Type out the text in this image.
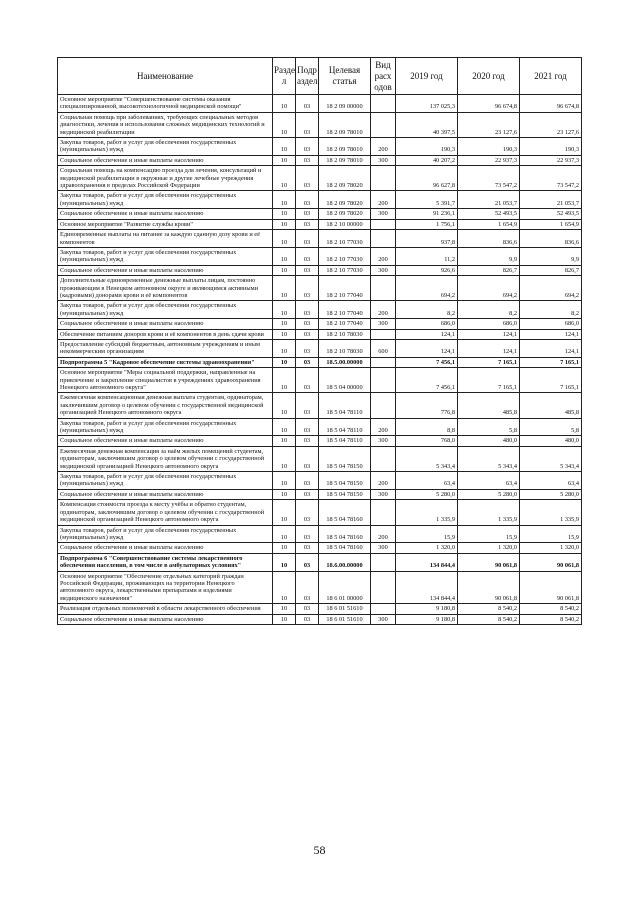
Наименование	Разде л	Подр аздел	Целевая статья	Вид расх одов	2019 год	2020 год	2021 год
Основное мероприятие "Совершенствование системы оказания специализированной, высокотехнологичной медицинской помощи"	10	03	18 2 09 00000		137 025,3	96 674,8	96 674,8
Социальная помощь при заболеваниях, требующих специальных методов диагностики, лечения и использования сложных медицинских технологий и медицинской реабилитации	10	03	18 2 09 78010		40 397,5	23 127,6	23 127,6
Закупка товаров, работ и услуг для обеспечения государственных (муниципальных) нужд	10	03	18 2 09 78010	200	190,3	190,3	190,3
Социальное обеспечение и иные выплаты населению	10	03	18 2 09 78010	300	40 207,2	22 937,3	22 937,3
Социальная помощь на компенсацию проезда для лечения, консультаций и медицинской реабилитации в окружные и другие лечебные учреждения здравоохранения в пределах Российской Федерации	10	03	18 2 09 78020		96 627,8	73 547,2	73 547,2
Закупка товаров, работ и услуг для обеспечения государственных (муниципальных) нужд	10	03	18 2 09 78020	200	5 391,7	21 053,7	21 053,7
Социальное обеспечение и иные выплаты населению	10	03	18 2 09 78020	300	91 236,1	52 493,5	52 493,5
Основное мероприятие "Развитие службы крови"	10	03	18 2 10 00000		1 756,1	1 654,9	1 654,9
Единовременные выплаты на питание за каждую сданную дозу крови и её компонентов	10	03	18 2 10 77030		937,8	836,6	836,6
Закупка товаров, работ и услуг для обеспечения государственных (муниципальных) нужд	10	03	18 2 10 77030	200	11,2	9,9	9,9
Социальное обеспечение и иные выплаты населению	10	03	18 2 10 77030	300	926,6	826,7	826,7
Дополнительные единовременные денежные выплаты лицам, постоянно проживающим в Ненецком автономном округе и являющимся активными (кадровыми) донорами крови и её компонентов	10	03	18 2 10 77040		694,2	694,2	694,2
Закупка товаров, работ и услуг для обеспечения государственных (муниципальных) нужд	10	03	18 2 10 77040	200	8,2	8,2	8,2
Социальное обеспечение и иные выплаты населению	10	03	18 2 10 77040	300	686,0	686,0	686,0
Обеспечение питанием доноров крови и её компонентов в день сдачи крови	10	03	18 2 10 78030		124,1	124,1	124,1
Предоставление субсидий бюджетным, автономным учреждениям и иным некоммерческим организациям	10	03	18 2 10 78030	600	124,1	124,1	124,1
Подпрограмма 5 "Кадровое обеспечение системы здравоохранения"	10	03	18.5.00.00000		7 456,1	7 165,1	7 165,1
Основное мероприятие "Меры социальной поддержки, направленные на привлечение и закрепление специалистов в учреждениях здравоохранения Ненецкого автономного округа"	10	03	18 5 04 00000		7 456,1	7 165,1	7 165,1
Ежемесячная компенсационная денежная выплата студентам, ординаторам, заключившим договор о целевом обучении с государственной медицинской организацией Ненецкого автономного округа	10	03	18 5 04 78110		776,8	485,8	485,8
Закупка товаров, работ и услуг для обеспечения государственных (муниципальных) нужд	10	03	18 5 04 78110	200	8,8	5,8	5,8
Социальное обеспечение и иные выплаты населению	10	03	18 5 04 78110	300	768,0	480,0	480,0
Ежемесячная денежная компенсация за наём жилых помещений студентам, ординаторам, заключившим договор о целевом обучении с государственной медицинской организацией Ненецкого автономного округа	10	03	18 5 04 78150		5 343,4	5 343,4	5 343,4
Закупка товаров, работ и услуг для обеспечения государственных (муниципальных) нужд	10	03	18 5 04 78150	200	63,4	63,4	63,4
Социальное обеспечение и иные выплаты населению	10	03	18 5 04 78150	300	5 280,0	5 280,0	5 280,0
Компенсация стоимости проезда к месту учёбы и обратно студентам, ординаторам, заключившим договор о целевом обучении с государственной медицинской организацией Ненецкого автономного округа	10	03	18 5 04 78160		1 335,9	1 335,9	1 335,9
Закупка товаров, работ и услуг для обеспечения государственных (муниципальных) нужд	10	03	18 5 04 78160	200	15,9	15,9	15,9
Социальное обеспечение и иные выплаты населению	10	03	18 5 04 78160	300	1 320,0	1 320,0	1 320,0
Подпрограмма 6 "Совершенствование системы лекарственного обеспечения населения, в том числе в амбулаторных условиях"	10	03	18.6.00.00000		134 844,4	90 061,8	90 061,8
Основное мероприятие "Обеспечение отдельных категорий граждан Российской Федерации, проживающих на территории Ненецкого автономного округа, лекарственными препаратами и изделиями медицинского назначения"	10	03	18 6 01 00000		134 844,4	90 061,8	90 061,8
Реализация отдельных полномочий в области лекарственного обеспечения	10	03	18 6 01 51610		9 180,8	8 540,2	8 540,2
Социальное обеспечение и иные выплаты населению	10	03	18 6 01 51610	300	9 180,8	8 540,2	8 540,2
58
